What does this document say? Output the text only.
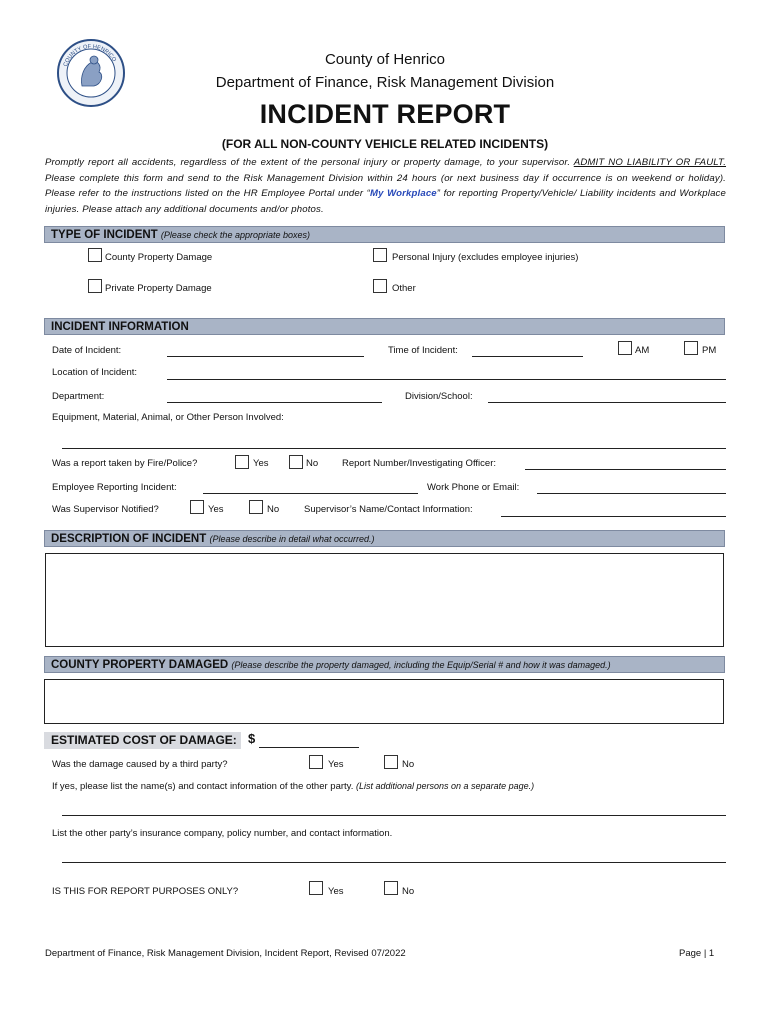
COUNTY OF HENRICO	County of Henrico
Department of Finance, Risk Management Division
INCIDENT REPORT
(FOR ALL NON-COUNTY VEHICLE RELATED INCIDENTS)
Promptly report all accidents, regardless of the extent of the personal injury or property damage, to your supervisor. ADMIT NO LIABILITY OR FAULT. Please complete this form and send to the Risk Management Division within 24 hours (or next business day if occurrence is on weekend or holiday). Please refer to the instructions listed on the HR Employee Portal under “My Workplace” for reporting Property/Vehicle/ Liability incidents and Workplace injuries. Please attach any additional documents and/or photos.
TYPE OF INCIDENT (Please check the appropriate boxes)
County Property Damage	Personal Injury (excludes employee injuries)
Private Property Damage	Other
INCIDENT INFORMATION
Date of Incident:	Time of Incident:	AM	PM
Location of Incident:
Department:	Division/School:
Equipment, Material, Animal, or Other Person Involved:
Was a report taken by Fire/Police?	Yes	No	Report Number/Investigating Officer:
Employee Reporting Incident:	Work Phone or Email:
Was Supervisor Notified?	Yes	No	Supervisor’s Name/Contact Information:
DESCRIPTION OF INCIDENT (Please describe in detail what occurred.)
COUNTY PROPERTY DAMAGED (Please describe the property damaged, including the Equip/Serial # and how it was damaged.)
ESTIMATED COST OF DAMAGE: $
Was the damage caused by a third party?	Yes	No
If yes, please list the name(s) and contact information of the other party. (List additional persons on a separate page.)
List the other party’s insurance company, policy number, and contact information.
IS THIS FOR REPORT PURPOSES ONLY?	Yes	No
Department of Finance, Risk Management Division, Incident Report, Revised 07/2022	Page | 1
